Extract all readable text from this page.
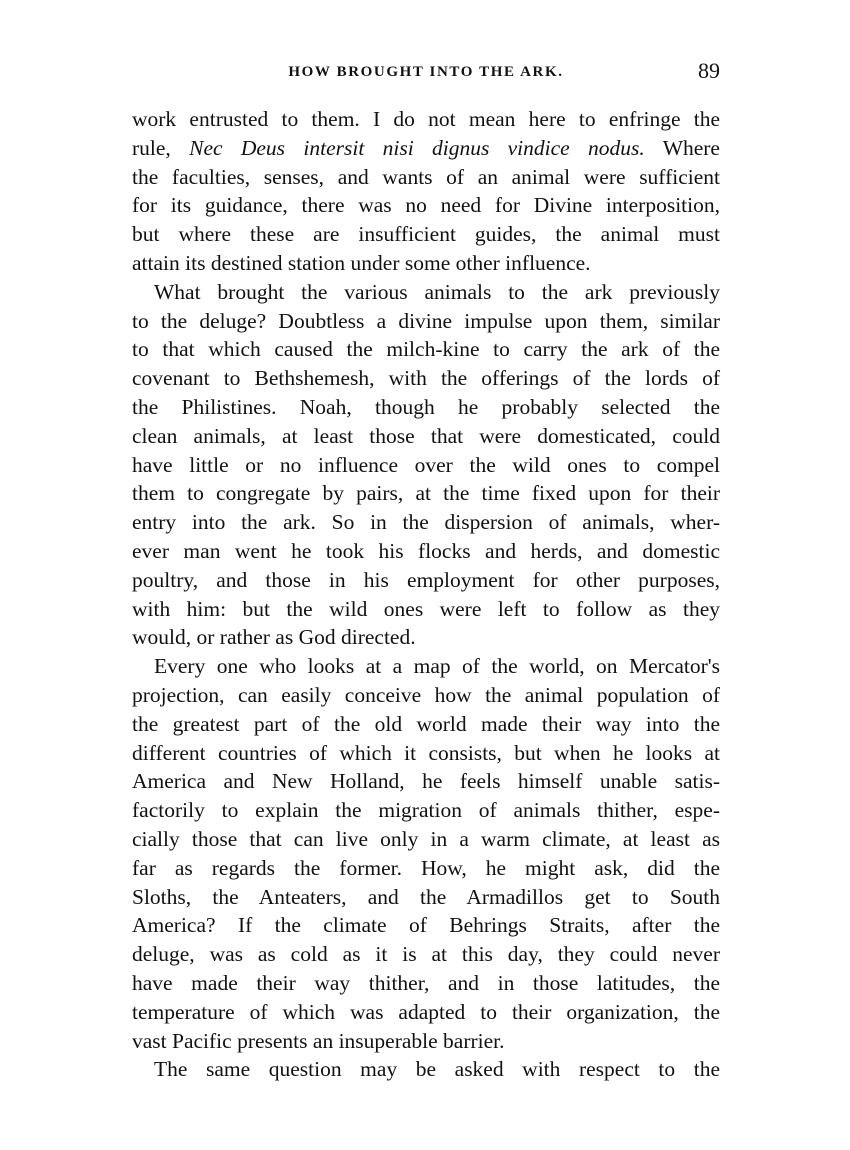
HOW BROUGHT INTO THE ARK.	89
work entrusted to them. I do not mean here to enfringe the
rule, Nec Deus intersit nisi dignus vindice nodus. Where
the faculties, senses, and wants of an animal were sufficient
for its guidance, there was no need for Divine interposition,
but where these are insufficient guides, the animal must
attain its destined station under some other influence.
What brought the various animals to the ark previously
to the deluge? Doubtless a divine impulse upon them, similar
to that which caused the milch-kine to carry the ark of the
covenant to Bethshemesh, with the offerings of the lords of
the Philistines. Noah, though he probably selected the
clean animals, at least those that were domesticated, could
have little or no influence over the wild ones to compel
them to congregate by pairs, at the time fixed upon for their
entry into the ark. So in the dispersion of animals, wher-
ever man went he took his flocks and herds, and domestic
poultry, and those in his employment for other purposes,
with him: but the wild ones were left to follow as they
would, or rather as God directed.
Every one who looks at a map of the world, on Mercator's
projection, can easily conceive how the animal population of
the greatest part of the old world made their way into the
different countries of which it consists, but when he looks at
America and New Holland, he feels himself unable satis-
factorily to explain the migration of animals thither, espe-
cially those that can live only in a warm climate, at least as
far as regards the former. How, he might ask, did the
Sloths, the Anteaters, and the Armadillos get to South
America? If the climate of Behrings Straits, after the
deluge, was as cold as it is at this day, they could never
have made their way thither, and in those latitudes, the
temperature of which was adapted to their organization, the
vast Pacific presents an insuperable barrier.
The same question may be asked with respect to the
